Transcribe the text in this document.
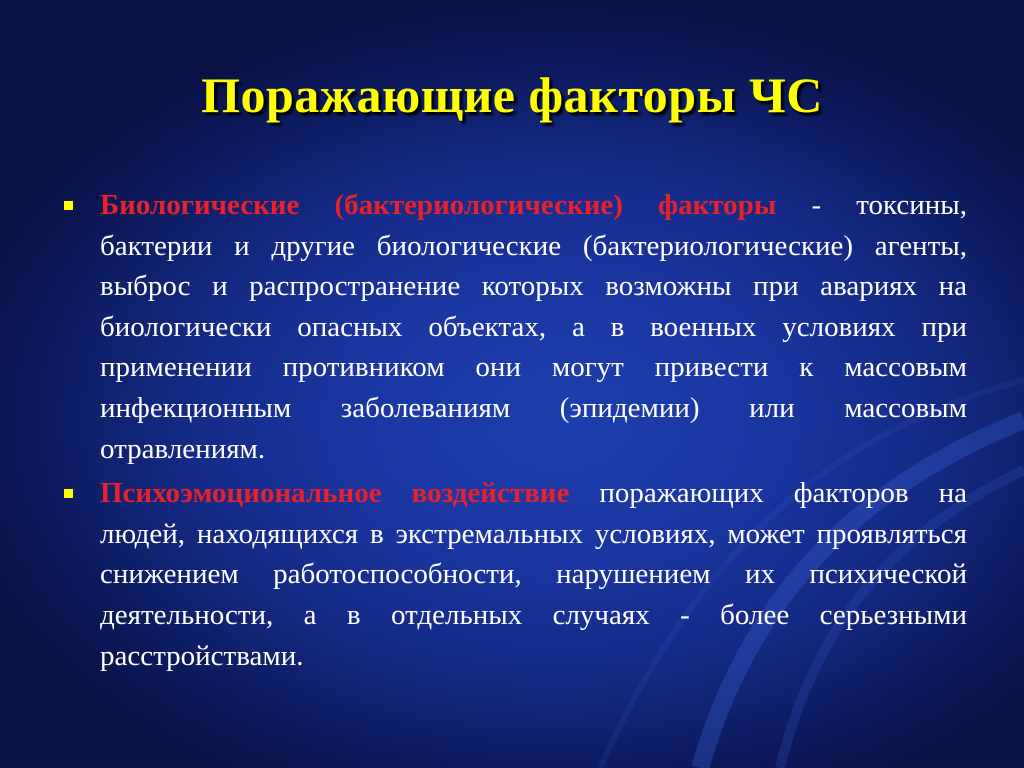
Поражающие факторы ЧС
Биологические (бактериологические) факторы - токсины, бактерии и другие биологические (бактериологические) агенты, выброс и распространение которых возможны при авариях на биологически опасных объектах, а в военных условиях при применении противником они могут привести к массовым инфекционным заболеваниям (эпидемии) или массовым отравлениям.
Психоэмоциональное воздействие поражающих факторов на людей, находящихся в экстремальных условиях, может проявляться снижением работоспособности, нарушением их психической деятельности, а в отдельных случаях - более серьезными расстройствами.
